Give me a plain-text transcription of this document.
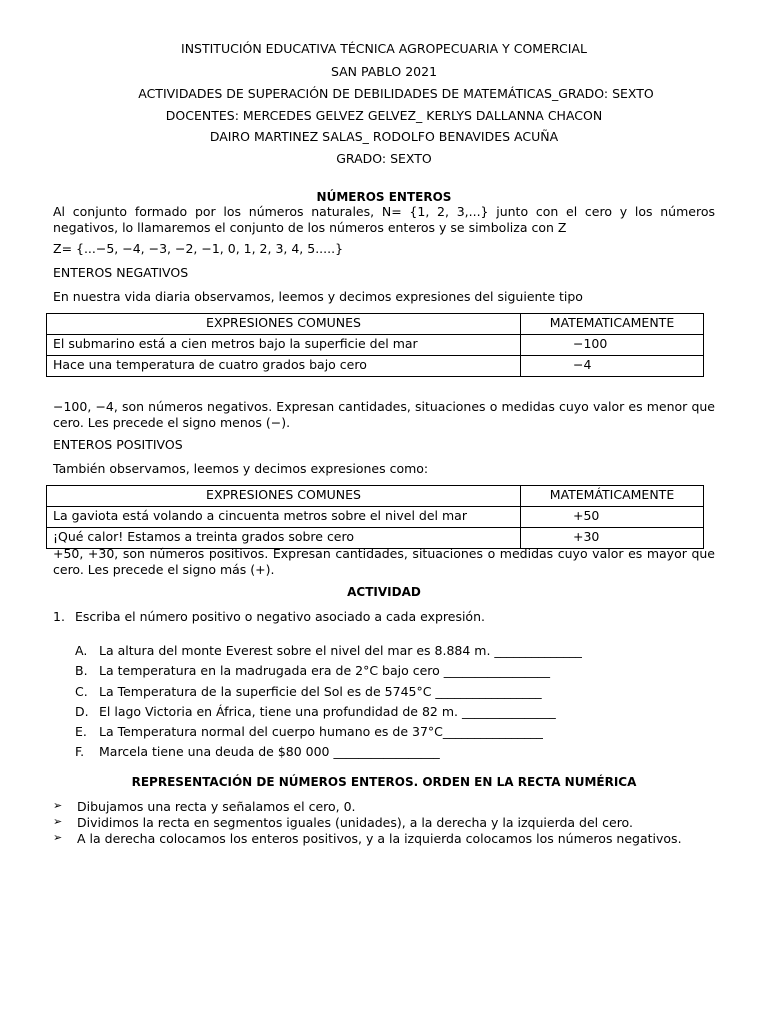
INSTITUCIÓN EDUCATIVA TÉCNICA AGROPECUARIA Y COMERCIAL
SAN PABLO 2021
ACTIVIDADES DE SUPERACIÓN DE DEBILIDADES DE MATEMÁTICAS_GRADO: SEXTO
DOCENTES: MERCEDES GELVEZ GELVEZ_ KERLYS DALLANNA CHACON
DAIRO MARTINEZ SALAS_ RODOLFO BENAVIDES ACUÑA
GRADO: SEXTO
NÚMEROS ENTEROS
Al conjunto formado por los números naturales, N= {1, 2, 3,...} junto con el cero y los números negativos, lo llamaremos el conjunto de los números enteros y se simboliza con Z
Z= {...−5, −4, −3, −2, −1, 0, 1, 2, 3, 4, 5.....}
ENTEROS NEGATIVOS
En nuestra vida diaria observamos, leemos y decimos expresiones del siguiente tipo
EXPRESIONES COMUNES	MATEMATICAMENTE
El submarino está a cien metros bajo la superficie del mar	−100
Hace una temperatura de cuatro grados bajo cero	−4
−100, −4, son números negativos. Expresan cantidades, situaciones o medidas cuyo valor es menor que cero. Les precede el signo menos (−).
ENTEROS POSITIVOS
También observamos, leemos y decimos expresiones como:
EXPRESIONES COMUNES	MATEMÁTICAMENTE
La gaviota está volando a cincuenta metros sobre el nivel del mar	+50
¡Qué calor! Estamos a treinta grados sobre cero	+30
+50, +30, son números positivos. Expresan cantidades, situaciones o medidas cuyo valor es mayor que cero. Les precede el signo más (+).
ACTIVIDAD
1. Escriba el número positivo o negativo asociado a cada expresión.
A. La altura del monte Everest sobre el nivel del mar es 8.884 m. ______________
B. La temperatura en la madrugada era de 2°C bajo cero _________________
C. La Temperatura de la superficie del Sol es de 5745°C _________________
D. El lago Victoria en África, tiene una profundidad de 82 m. _______________
E. La Temperatura normal del cuerpo humano es de 37°C________________
F. Marcela tiene una deuda de $80 000 _________________
REPRESENTACIÓN DE NÚMEROS ENTEROS. ORDEN EN LA RECTA NUMÉRICA
➢ Dibujamos una recta y señalamos el cero, 0.
➢ Dividimos la recta en segmentos iguales (unidades), a la derecha y la izquierda del cero.
➢ A la derecha colocamos los enteros positivos, y a la izquierda colocamos los números negativos.
